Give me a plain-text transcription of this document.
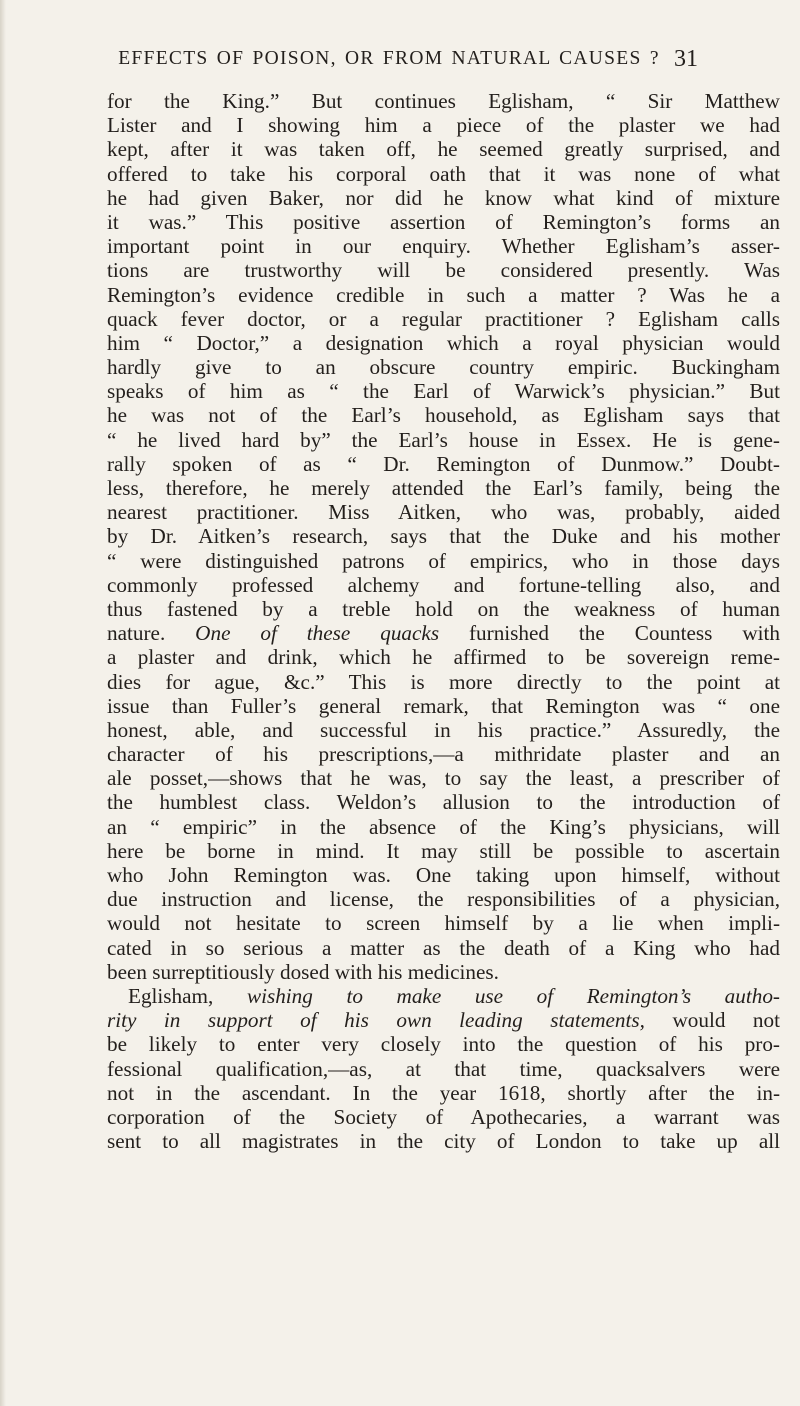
EFFECTS OF POISON, OR FROM NATURAL CAUSES ? 31
for the King.” But continues Eglisham, “ Sir Matthew
Lister and I showing him a piece of the plaster we had
kept, after it was taken off, he seemed greatly surprised, and
offered to take his corporal oath that it was none of what
he had given Baker, nor did he know what kind of mixture
it was.” This positive assertion of Remington’s forms an
important point in our enquiry. Whether Eglisham’s asser-
tions are trustworthy will be considered presently. Was
Remington’s evidence credible in such a matter ? Was he a
quack fever doctor, or a regular practitioner ? Eglisham calls
him “ Doctor,” a designation which a royal physician would
hardly give to an obscure country empiric. Buckingham
speaks of him as “ the Earl of Warwick’s physician.” But
he was not of the Earl’s household, as Eglisham says that
“ he lived hard by” the Earl’s house in Essex. He is gene-
rally spoken of as “ Dr. Remington of Dunmow.” Doubt-
less, therefore, he merely attended the Earl’s family, being the
nearest practitioner. Miss Aitken, who was, probably, aided
by Dr. Aitken’s research, says that the Duke and his mother
“ were distinguished patrons of empirics, who in those days
commonly professed alchemy and fortune-telling also, and
thus fastened by a treble hold on the weakness of human
nature. One of these quacks furnished the Countess with
a plaster and drink, which he affirmed to be sovereign reme-
dies for ague, &c.” This is more directly to the point at
issue than Fuller’s general remark, that Remington was “ one
honest, able, and successful in his practice.” Assuredly, the
character of his prescriptions,—a mithridate plaster and an
ale posset,—shows that he was, to say the least, a prescriber of
the humblest class. Weldon’s allusion to the introduction of
an “ empiric” in the absence of the King’s physicians, will
here be borne in mind. It may still be possible to ascertain
who John Remington was. One taking upon himself, without
due instruction and license, the responsibilities of a physician,
would not hesitate to screen himself by a lie when impli-
cated in so serious a matter as the death of a King who had
been surreptitiously dosed with his medicines.
Eglisham, wishing to make use of Remington’s autho-
rity in support of his own leading statements, would not
be likely to enter very closely into the question of his pro-
fessional qualification,—as, at that time, quacksalvers were
not in the ascendant. In the year 1618, shortly after the in-
corporation of the Society of Apothecaries, a warrant was
sent to all magistrates in the city of London to take up all
